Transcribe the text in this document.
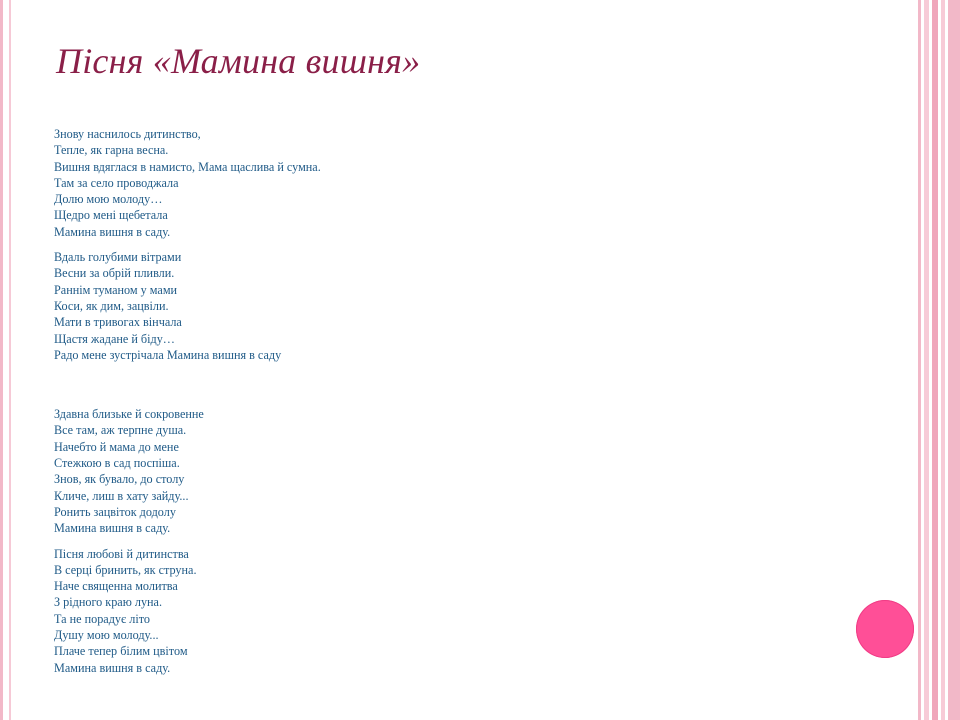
Пісня «Мамина вишня»
Знову наснилось дитинство,
Тепле, як гарна весна.
Вишня вдяглася в намисто, Мама щаслива й сумна.
Там за село проводжала
Долю мою молоду…
Щедро мені щебетала
Мамина вишня в саду.
Вдаль голубими вітрами
Весни за обрій пливли.
Раннім туманом у мами
Коси, як дим, зацвіли.
Мати в тривогах вінчала
Щастя жадане й біду…
Радо мене зустрічала Мамина вишня в саду
Здавна близьке й сокровенне
Все там, аж терпне душа.
Начебто й мама до мене
Стежкою в сад поспіша.
Знов, як бувало, до столу
Кличе, лиш в хату зайду...
Ронить зацвіток додолу
Мамина вишня в саду.
Пісня любові й дитинства
В серці бринить, як струна.
Наче священна молитва
З рідного краю луна.
Та не порадує літо
Душу мою молоду...
Плаче тепер білим цвітом
Мамина вишня в саду.
